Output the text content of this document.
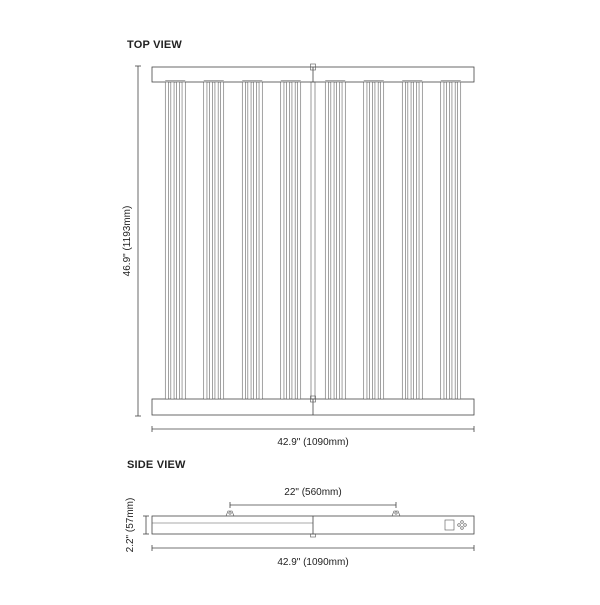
TOP VIEW
46.9" (1193mm)
42.9" (1090mm)
SIDE VIEW
22" (560mm)
2.2" (57mm)
42.9" (1090mm)
